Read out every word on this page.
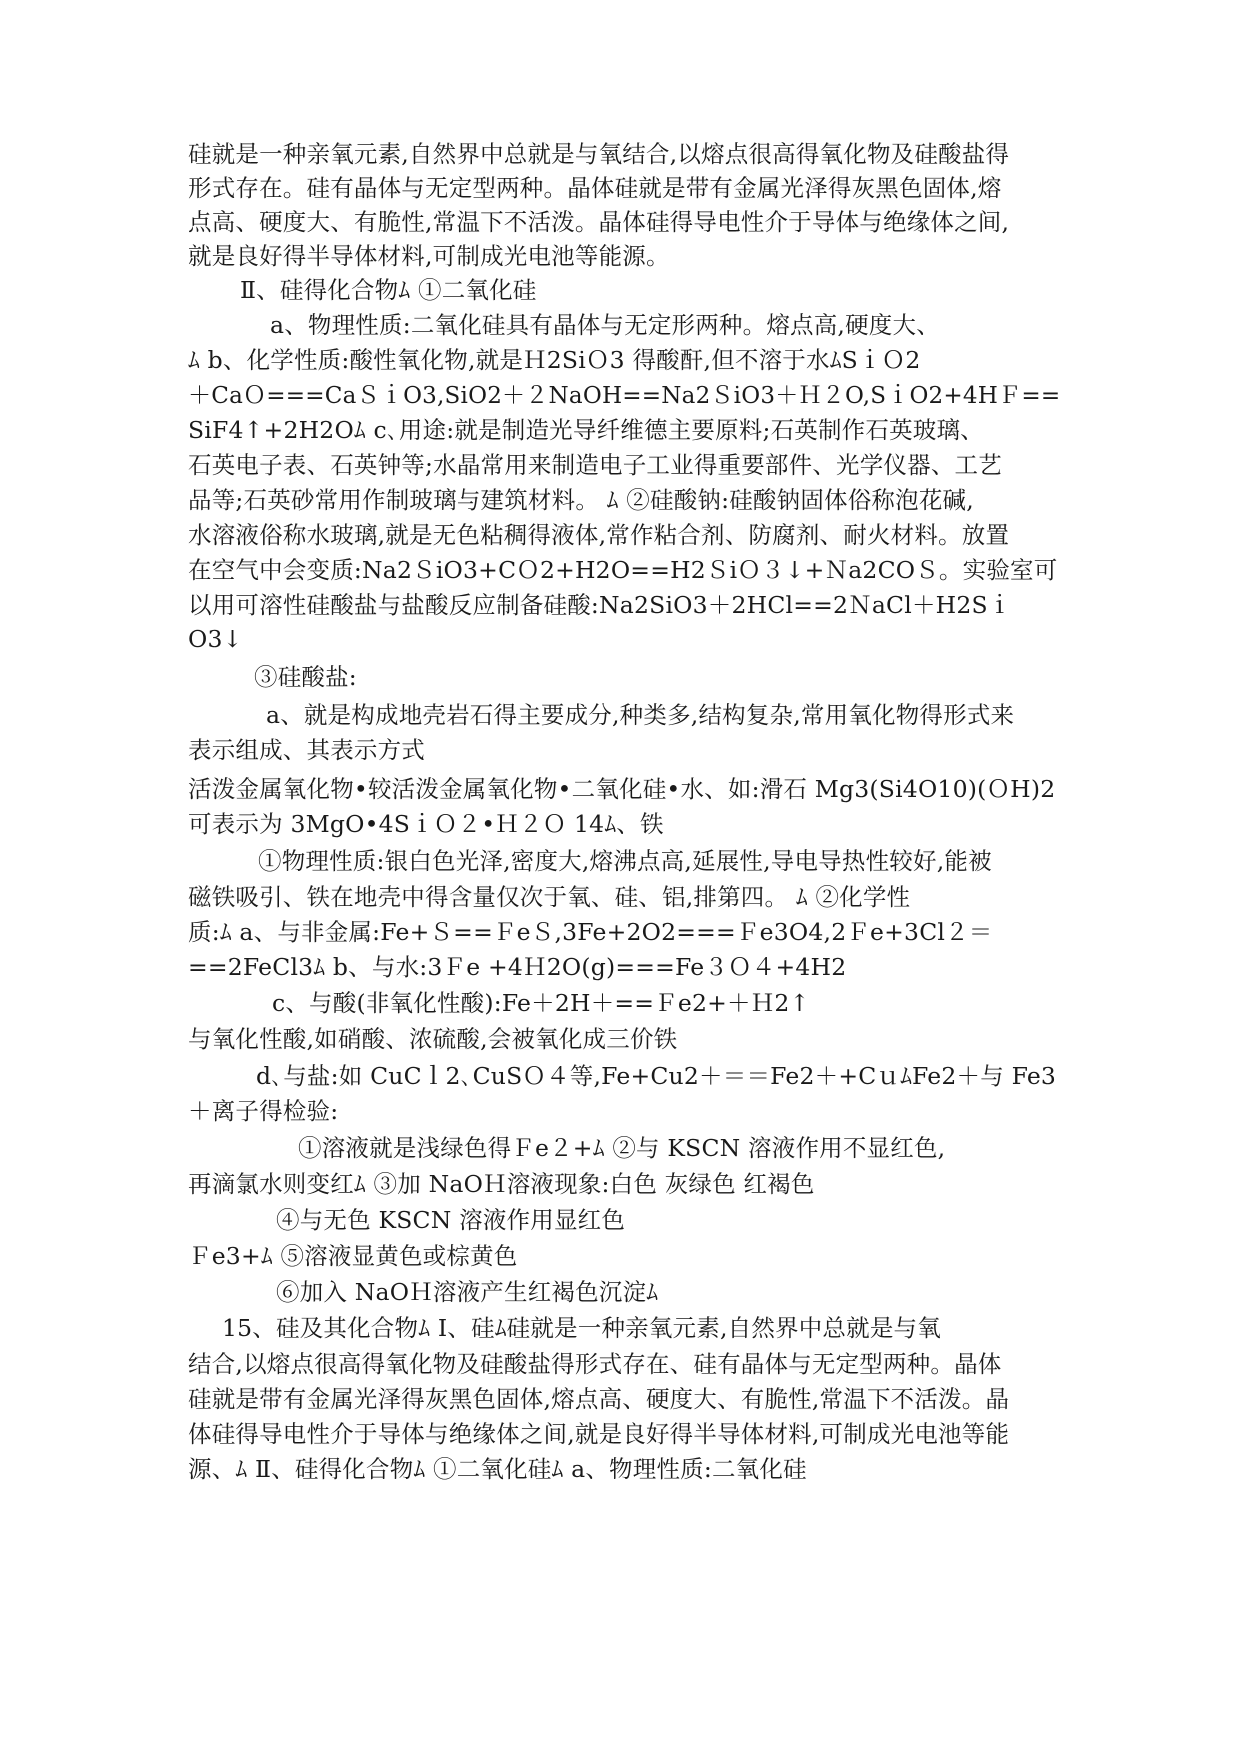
硅就是一种亲氧元素,自然界中总就是与氧结合,以熔点很高得氧化物及硅酸盐得
形式存在。硅有晶体与无定型两种。晶体硅就是带有金属光泽得灰黑色固体,熔
点高、硬度大、有脆性,常温下不活泼。晶体硅得导电性介于导体与绝缘体之间,
就是良好得半导体材料,可制成光电池等能源。
Ⅱ、硅得化合物ﾑ ①二氧化硅
a、物理性质:二氧化硅具有晶体与无定形两种。熔点高,硬度大、
ﾑ b、化学性质:酸性氧化物,就是Ｈ2SiＯ3 得酸酐,但不溶于水ﾑSｉＯ2
＋CaＯ===CaＳｉO3,SiO2＋２NaOH==Na2ＳiO3＋Ｈ２O,SｉO2+4HＦ==
SiF4↑+2H2Oﾑ c､用途:就是制造光导纤维德主要原料;石英制作石英玻璃、
石英电子表、石英钟等;水晶常用来制造电子工业得重要部件、光学仪器、工艺
品等;石英砂常用作制玻璃与建筑材料。 ﾑ ②硅酸钠:硅酸钠固体俗称泡花碱,
水溶液俗称水玻璃,就是无色粘稠得液体,常作粘合剂、防腐剂、耐火材料。放置
在空气中会变质:Na2ＳiO3+CＯ2+H2O==H2ＳiＯ３↓+Ｎa2COＳ。实验室可
以用可溶性硅酸盐与盐酸反应制备硅酸:Na2SiO3＋2HCl==2ＮaCl＋H2Sｉ
O3↓
③硅酸盐:
a、就是构成地壳岩石得主要成分,种类多,结构复杂,常用氧化物得形式来
表示组成、其表示方式
活泼金属氧化物•较活泼金属氧化物•二氧化硅•水、如:滑石 Mg3(Si4O10)(ＯH)2
可表示为 3MgO•4SｉＯ２•Ｈ２Ｏ 14ﾑ、铁
①物理性质:银白色光泽,密度大,熔沸点高,延展性,导电导热性较好,能被
磁铁吸引、铁在地壳中得含量仅次于氧、硅、铝,排第四。 ﾑ ②化学性
质:ﾑ a、与非金属:Fe+Ｓ==ＦeＳ,3Fe+2O2===Ｆe3O4,2Ｆe+3Cl２＝
==2FeCl3ﾑ b、与水:3Ｆe +4Ｈ2O(g)===Fe３Ｏ４+4H2
c、与酸(非氧化性酸):Fe＋2H＋==Ｆe2+＋Ｈ2↑
与氧化性酸,如硝酸、浓硫酸,会被氧化成三价铁
d､与盐:如 CuCｌ2､CuSＯ４等,Fe+Cu2＋＝＝Fe2＋+CｕﾑFe2＋与 Fe3
＋离子得检验:
①溶液就是浅绿色得Ｆe２+ﾑ ②与 KSCN 溶液作用不显红色,
再滴氯水则变红ﾑ ③加 NaOＨ溶液现象:白色 灰绿色 红褐色
④与无色 KSCN 溶液作用显红色
Ｆe3+ﾑ ⑤溶液显黄色或棕黄色
⑥加入 NaOＨ溶液产生红褐色沉淀ﾑ
15、硅及其化合物ﾑ Ⅰ、硅ﾑ硅就是一种亲氧元素,自然界中总就是与氧
结合,以熔点很高得氧化物及硅酸盐得形式存在、硅有晶体与无定型两种。晶体
硅就是带有金属光泽得灰黑色固体,熔点高、硬度大、有脆性,常温下不活泼。晶
体硅得导电性介于导体与绝缘体之间,就是良好得半导体材料,可制成光电池等能
源、ﾑ Ⅱ、硅得化合物ﾑ ①二氧化硅ﾑ a、物理性质:二氧化硅
